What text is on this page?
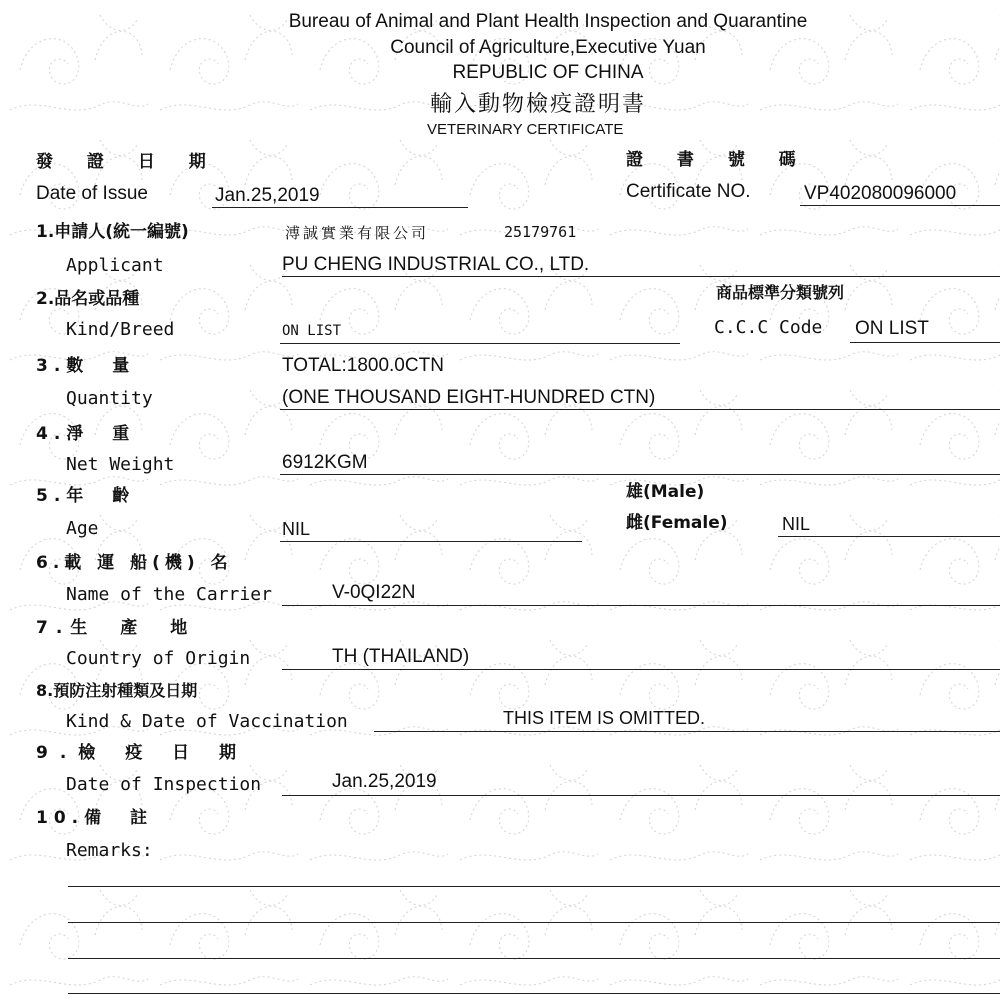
Bureau of Animal and Plant Health Inspection and Quarantine
Council of Agriculture,Executive Yuan
REPUBLIC OF CHINA
輸入動物檢疫證明書
VETERINARY CERTIFICATE
發 證 日 期
Date of Issue	Jan.25,2019
證 書 號 碼
Certificate NO.	VP402080096000
1.申請人(統一編號)	溥誠實業有限公司	25179761
Applicant	PU CHENG INDUSTRIAL CO., LTD.
2.品名或品種
Kind/Breed	ON LIST
商品標準分類號列
C.C.C Code ON LIST
3.數　量	TOTAL:1800.0CTN
Quantity	(ONE THOUSAND EIGHT-HUNDRED CTN)
4.淨　重
Net Weight	6912KGM
5.年　齡
Age	NIL
雄(Male)
雌(Female)	NIL
6.載 運 船(機) 名
Name of the Carrier	V-0QI22N
7.生　產　地
Country of Origin	TH (THAILAND)
8.預防注射種類及日期
Kind & Date of Vaccination	THIS ITEM IS OMITTED.
9.檢 疫 日 期
Date of Inspection	Jan.25,2019
10.備　註
Remarks:
